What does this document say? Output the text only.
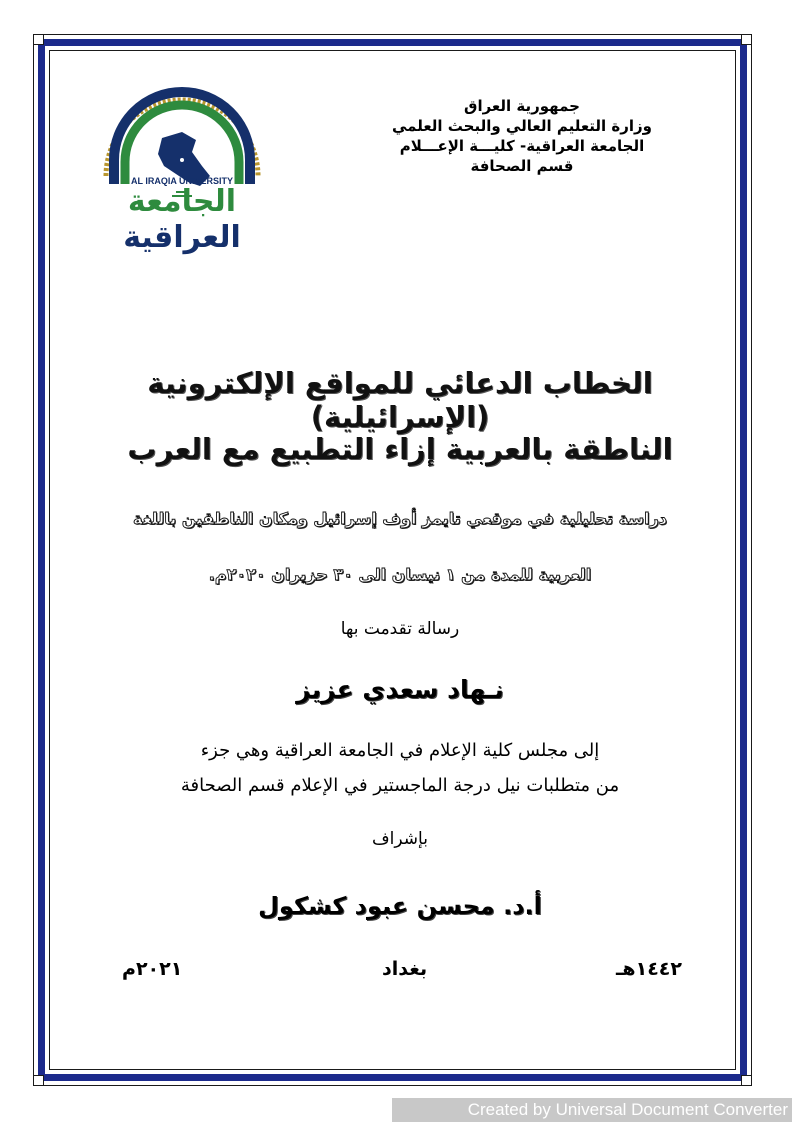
AL IRAQIA UNIVERSITY
الجامعة
العراقية
جمهورية العراق
وزارة التعليم العالي والبحث العلمي
الجامعة العراقية- كليـــة الإعـــلام
قسم الصحافة
الخطاب الدعائي للمواقع الإلكترونية (الإسرائيلية)
الناطقة بالعربية إزاء التطبيع مع العرب
دراسة تحليلية في موقعي تايمز أوف إسرائيل ومكان الناطقين باللغة
العربية للمدة من ١ نيسان الى ٣٠ حزيران ٢٠٢٠م.
رسالة تقدمت بها
نـهاد سعدي عزيز
إلى مجلس كلية الإعلام في الجامعة العراقية وهي جزء
من متطلبات نيل درجة الماجستير في الإعلام قسم الصحافة
بإشراف
أ.د. محسن عبود كشكول
١٤٤٢هـ
بغداد
٢٠٢١م
Created by Universal Document Converter
